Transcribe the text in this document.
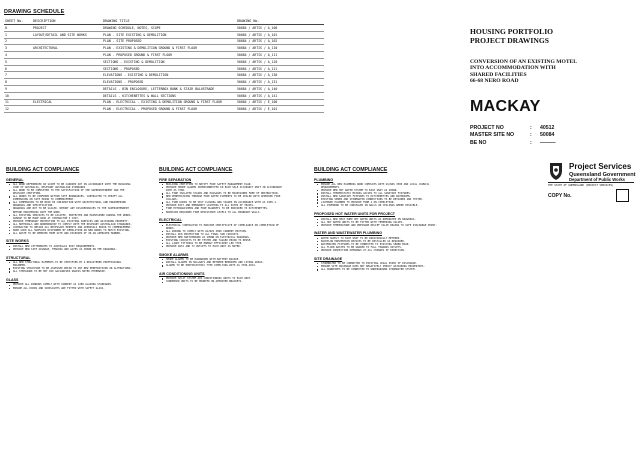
DRAWING SCHEDULE
SHEET No.	DESCRIPTION	DRAWING TITLE	DRAWING No.
0	PROJECT	DRAWING SCHEDULE, NOTES, SCOPE	50084 / ARTIS / A_100
1	LAYOUT/DETAIL AND SITE WORKS	PLAN - SITE EXISTING & DEMOLITION	50084 / ARTIS / A_101
2		PLAN - SITE PROPOSED	50084 / ARTIS / A_102
3	ARCHITECTURAL	PLAN - EXISTING & DEMOLITION GROUND & FIRST FLOOR	50084 / ARTIS / A_110
4		PLAN - PROPOSED GROUND & FIRST FLOOR	50084 / ARTIS / A_111
5		SECTIONS - EXISTING & DEMOLITION	50084 / ARTIS / A_120
6		SECTIONS - PROPOSED	50084 / ARTIS / A_121
7		ELEVATIONS - EXISTING & DEMOLITION	50084 / ARTIS / A_130
8		ELEVATIONS - PROPOSED	50084 / ARTIS / A_131
9		DETAILS - BIN ENCLOSURE, LETTERBOX BANK & STAIR BALUSTRADE	50084 / ARTIS / A_140
10		DETAILS - KITCHENETTES & WALL SECTIONS	50084 / ARTIS / A_141
11	ELECTRICAL	PLAN - ELECTRICAL - EXISTING & DEMOLITION GROUND & FIRST FLOOR	50084 / ARTIS / E_100
12		PLAN - ELECTRICAL - PROPOSED GROUND & FIRST FLOOR	50084 / ARTIS / E_101
HOUSING PORTFOLIO
PROJECT DRAWINGS
CONVERSION OF AN EXISTING MOTEL
INTO ACCOMMODATION WITH
SHARED FACILITIES
66-68 NERO ROAD
MACKAY
PROJECT NO	:	40512
MASTER SITE NO	:	50084
BE NO	:	———
Project Services
Queensland Government
Department of Public Works
THE STATE OF QUEENSLAND (PROJECT SERVICES)
COPY No.
BUILDING ACT COMPLIANCE
GENERAL
ALL WORK REFERENCED IN SCOPE TO BE CARRIED OUT IN ACCORDANCE WITH THE BUILDING CODE OF AUSTRALIA, RELEVANT AUSTRALIAN STANDARDS
ALL WORK TO BE COMPLETED TO THE SATISFACTION OF THE SUPERINTENDENT AND THE RELEVANT CERTIFIER.
ALL WORKS TO BE CONFINED WITHIN SITE BOUNDARIES. CONTRACTOR TO VERIFY ALL DIMENSIONS ON SITE PRIOR TO COMMENCEMENT.
ALL DIMENSIONS TO BE READ IN CONJUNCTION WITH ARCHITECTURAL AND ENGINEERING DRAWINGS AND SPECIFICATION.
DRAWINGS ARE NOT TO BE SCALED. REPORT ANY DISCREPANCIES TO THE SUPERINTENDENT BEFORE PROCEEDING WITH THE WORK.
ALL EXISTING SERVICES TO BE LOCATED, PROTECTED AND MAINTAINED DURING THE WORKS. DAMAGE TO BE MADE GOOD AT CONTRACTOR'S COST.
PROVIDE TEMPORARY PROTECTION TO ALL EXISTING SURFACES AND ADJOINING PROPERTY.
ALL MATERIALS AND WORKMANSHIP TO COMPLY WITH THE RELEVANT AUSTRALIAN STANDARDS.
CONTRACTOR TO OBTAIN ALL NECESSARY PERMITS AND APPROVALS PRIOR TO COMMENCEMENT.
MAKE GOOD ALL SURFACES DISTURBED BY DEMOLITION OR NEW WORKS TO MATCH EXISTING.
ALL WASTE TO BE REMOVED FROM SITE AND DISPOSED OF IN AN APPROVED MANNER.
SITE WORKS
INSTALL NEW LETTERBOXES TO AUSTRALIA POST REQUIREMENTS.
PROVIDE NEW SITE SIGNAGE, FENCING AND GATES AS SHOWN ON THE DRAWINGS.
STRUCTURAL
ALL NEW STRUCTURAL ELEMENTS TO BE CERTIFIED BY A REGISTERED PROFESSIONAL ENGINEER.
EXISTING STRUCTURE TO BE ASSESSED PRIOR TO ANY NEW PENETRATIONS OR ALTERATIONS.
ALL STEELWORK TO BE HOT DIP GALVANISED UNLESS NOTED OTHERWISE.
GLASS
PROVIDE ALL WINDOWS COMPLY WITH CURRENT AS 1288 GLAZING STANDARDS.
ENSURE ALL DOORS AND SIDELIGHTS ARE FITTED WITH SAFETY GLASS.
BUILDING ACT COMPLIANCE
FIRE SEPARATION
BUILDING CERTIFIER TO NOTIFY FIRE SAFETY MANAGEMENT PLAN.
PROVIDE SMOKE ALARMS INTERCONNECTED IN EACH SOLE OCCUPANCY UNIT IN ACCORDANCE WITH AS 3786.
ALL FIRE ISOLATED STAIRS AND PASSAGES TO BE MAINTAINED FREE OF OBSTRUCTION.
NEW PENETRATIONS THROUGH FIRE RATED ELEMENTS TO BE SEALED WITH APPROVED FIRE COLLARS.
ALL FIRE DOORS TO BE SELF CLOSING AND TAGGED IN ACCORDANCE WITH AS 1905.1.
PROVIDE EXIT AND EMERGENCY LIGHTING TO ALL PATHS OF TRAVEL.
FIRE EXTINGUISHERS AND FIRE BLANKETS TO BE PROVIDED TO KITCHENETTES.
MAINTAIN REQUIRED FIRE RESISTANCE LEVELS TO ALL BOUNDARY WALLS.
ELECTRICAL
ELECTRICAL CONTRACTOR TO PROVIDE CERTIFICATE OF COMPLIANCE ON COMPLETION OF WORKS.
ALL WIRING TO COMPLY WITH AS/NZS 3000 CURRENT EDITION.
INSTALL RCD PROTECTION TO ALL FINAL SUB CIRCUITS.
PROVIDE NEW SWITCHBOARD AS SHOWN ON ELECTRICAL DRAWINGS.
EXISTING CIRCUITS TO BE TESTED AND TAGGED PRIOR TO REUSE.
ALL LIGHT FITTINGS TO BE ENERGY EFFICIENT LED TYPE.
PROVIDE DATA AND TV OUTLETS TO EACH UNIT AS NOTED.
SMOKE ALARMS
SMOKE ALARMS TO BE HARDWIRED WITH BATTERY BACKUP.
INSTALL ALARMS IN HALLWAYS AND BETWEEN BEDROOMS AND LIVING AREAS.
ALARMS TO BE PHOTOELECTRIC TYPE COMPLYING WITH AS 3786-2014.
AIR CONDITIONING UNITS
PROVIDE SPLIT SYSTEM AIR CONDITIONING UNITS TO EACH UNIT.
CONDENSER UNITS TO BE MOUNTED ON APPROVED BRACKETS.
BUILDING ACT COMPLIANCE
PLUMBING
ENSURE ALL NEW PLUMBING WORK COMPLIES WITH AS/NZS 3500 AND LOCAL COUNCIL REQUIREMENTS.
PROVIDE NEW HOT WATER SYSTEM TO EACH UNIT AS SHOWN.
INSTALL THERMOSTATIC MIXING VALVES TO ALL SANITARY FIXTURES.
INSTALL NEW SANITARY FIXTURES TO KITCHENETTES AND BATHROOMS.
EXISTING SEWER AND STORMWATER CONNECTIONS TO BE RETAINED AND TESTED.
LICENSED PLUMBER TO PROVIDE FORM 4 ON COMPLETION.
ALL PIPEWORK TO BE CONCEALED IN WALLS OR CEILINGS WHERE POSSIBLE.
PROPOSED HOT WATER UNITS FOR PROJECT
INSTALL NEW HEAT PUMP HOT WATER UNITS AS NOMINATED ON DRAWINGS.
ALL HOT WATER UNITS TO BE FITTED WITH TEMPERING VALVES.
PROVIDE TEMPERATURE AND PRESSURE RELIEF VALVE DRAINS TO SAFE DISCHARGE POINT.
WATER AND WASTEWATER PLUMBING
WATER SUPPLY TO EACH UNIT TO BE INDIVIDUALLY METERED.
BACKFLOW PREVENTION DEVICES TO BE INSTALLED AS REQUIRED.
WASTEWATER FIXTURES TO BE CONNECTED TO EXISTING SEWER MAIN.
ALL FLOOR WASTES TO BE GRADED TO FALL TOWARDS OUTLETS.
PROVIDE INSPECTION OPENINGS AT ALL CHANGES OF DIRECTION.
SITE DRAINAGE
STORMWATER TO BE CONNECTED TO EXISTING LEGAL POINT OF DISCHARGE.
ENSURE SITE DRAINAGE DOES NOT NEGATIVELY IMPACT ADJOINING PROPERTIES.
ALL DOWNPIPES TO BE CONNECTED TO UNDERGROUND STORMWATER SYSTEM.
